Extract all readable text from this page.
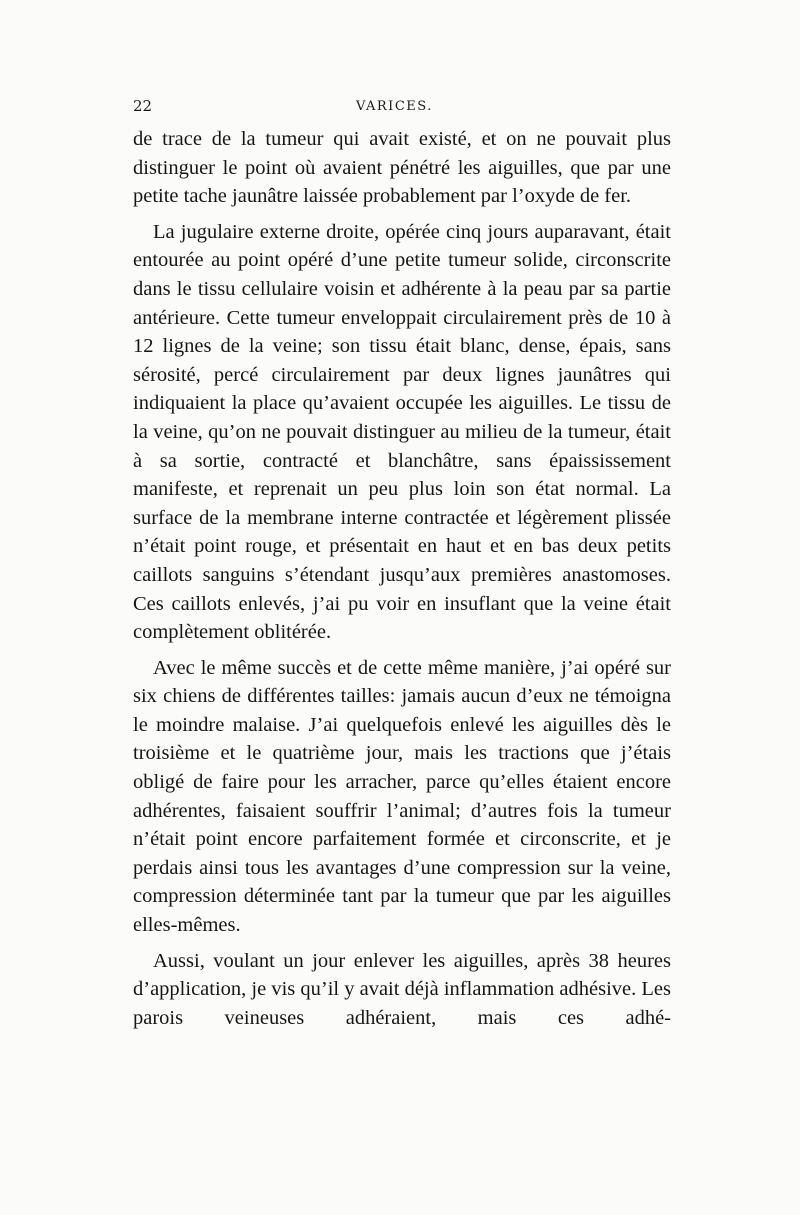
22	VARICES.

de trace de la tumeur qui avait existé, et on ne pouvait plus distinguer le point où avaient pénétré les aiguilles, que par une petite tache jaunâtre laissée probablement par l’oxyde de fer.

La jugulaire externe droite, opérée cinq jours auparavant, était entourée au point opéré d’une petite tumeur solide, circonscrite dans le tissu cellulaire voisin et adhérente à la peau par sa partie antérieure. Cette tumeur enveloppait circulairement près de 10 à 12 lignes de la veine; son tissu était blanc, dense, épais, sans sérosité, percé circulairement par deux lignes jaunâtres qui indiquaient la place qu’avaient occupée les aiguilles. Le tissu de la veine, qu’on ne pouvait distinguer au milieu de la tumeur, était à sa sortie, contracté et blanchâtre, sans épaississement manifeste, et reprenait un peu plus loin son état normal. La surface de la membrane interne contractée et légèrement plissée n’était point rouge, et présentait en haut et en bas deux petits caillots sanguins s’étendant jusqu’aux premières anastomoses. Ces caillots enlevés, j’ai pu voir en insuflant que la veine était complètement oblitérée.

Avec le même succès et de cette même manière, j’ai opéré sur six chiens de différentes tailles: jamais aucun d’eux ne témoigna le moindre malaise. J’ai quelquefois enlevé les aiguilles dès le troisième et le quatrième jour, mais les tractions que j’étais obligé de faire pour les arracher, parce qu’elles étaient encore adhérentes, faisaient souffrir l’animal; d’autres fois la tumeur n’était point encore parfaitement formée et circonscrite, et je perdais ainsi tous les avantages d’une compression sur la veine, compression déterminée tant par la tumeur que par les aiguilles elles-mêmes.

Aussi, voulant un jour enlever les aiguilles, après 38 heures d’application, je vis qu’il y avait déjà inflammation adhésive. Les parois veineuses adhéraient, mais ces adhé-
